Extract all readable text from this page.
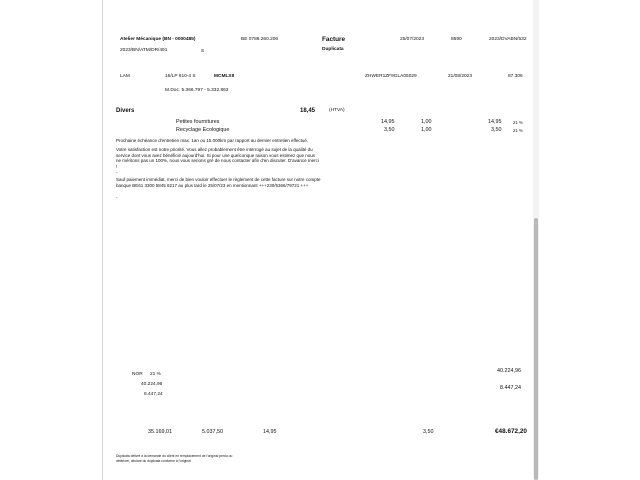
Atelier Mécanique (BN - 0000485)	BE 0788.260.206	Facture	25/07/2023	8590	2023/DVABN/532
Duplicata
2023/BN/ATM/DR/491	S
LAM	16/LP 610-4 S	MCMLXII	ZHWER1ZF9GLA05029	21/08/2023	87.306
M.Doc. 5.366.797 - 5.332.863
Divers	18,45	(HTVA)
Petites fournitures	14,95	1,00	14,95	21 %
Recyclage Ecologique	3,50	1,00	3,50	21 %
Prochaine échéance d'entretien max. 1an ou 15.000km par rapport au dernier entretien effectué.
Votre satisfaction est notre priorité. Vous allez probablement être interrogé au sujet de la qualité du service dont vous avez bénéficié aujourd'hui. Si pour une quelconque raison vous estimez que nous ne méritons pas un 100%, nous vous serions gré de nous contacter afin d'en discuter. D'avance merci !
-
Sauf paiement immédiat, merci de bien vouloir effectuer le règlement de cette facture sur notre compte banque BE61 3300 5845 8217 au plus tard le 25/07/23 en mentionnant +++230/5366/79721 +++
-
NOR 21 %
40.224,96
8.447,24
40.224,96
8.447,24
35.169,01	5.037,50	14,95	3,50	€48.672,20
Duplicata délivré à la demande du client en remplacement de l'original perdu ou
détérioré, déclaré du duplicata conforme à l'original
